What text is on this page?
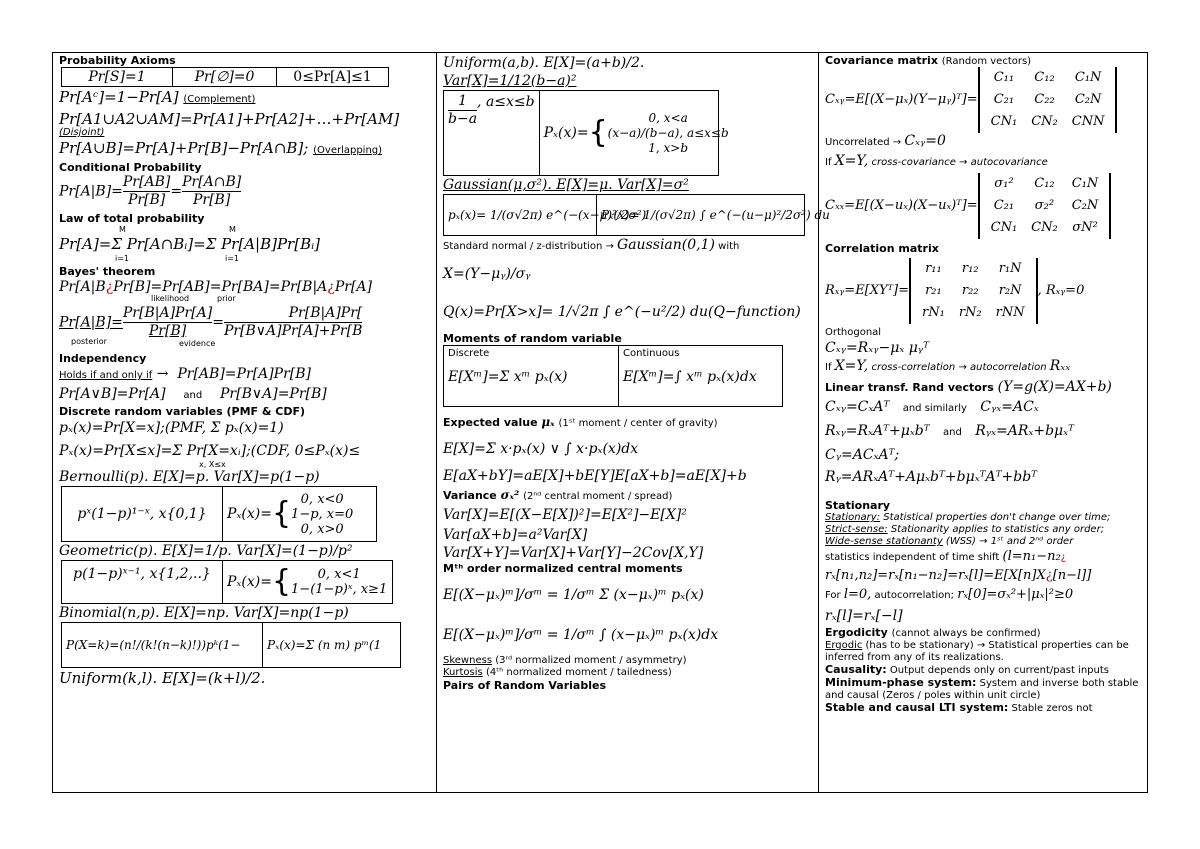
Probability Axioms
Pr[S]=1	Pr[∅]=0	0≤Pr[A]≤1
Pr[Aᶜ]=1−Pr[A] (Complement)
Pr[A1∪A2∪AM]=Pr[A1]+Pr[A2]+…+Pr[AM]
(Disjoint)
Pr[A∪B]=Pr[A]+Pr[B]−Pr[A∩B]; (Overlapping)
Conditional Probability
$Pr[A|B]= \frac{Pr[AB]}{Pr[B]} = \frac{Pr[A\cap B]}{Pr[B]}$
Law of total probability
M	M
Pr[A]=Σ Pr[A∩Bᵢ]=Σ Pr[A|B]Pr[Bᵢ]
i=1	i=1
Bayes' theorem
Pr[A|B¿Pr[B]=Pr[AB]=Pr[BA]=Pr[B|A¿Pr[A]
likelihood	prior
$Pr[A|B]= \frac{Pr[B|A]Pr[A]}{Pr[B]} = \frac{Pr[B|A]Pr[}{Pr[B\vee A]Pr[A]+Pr[B}$
posterior	evidence
Independency
Holds if and only if → Pr[AB]=Pr[A]Pr[B]
Pr[A∨B]=Pr[A] and Pr[B∨A]=Pr[B]
Discrete random variables (PMF & CDF)
pₓ(x)=Pr[X=x];(PMF, Σ pₓ(x)=1)
Pₓ(x)=Pr[X≤x]=Σ Pr[X=xᵢ];(CDF, 0≤Pₓ(x)≤
x, X≤x
Bernoulli(p). E[X]=p. Var[X]=p(1−p)
pˣ(1−p)¹⁻ˣ, x{0,1}	Pₓ(x)= { 0, x<0
1−p, x=0
0, x>0
Geometric(p). E[X]=1/p. Var[X]=(1−p)/p²
p(1−p)ˣ⁻¹, x{1,2,..}	Pₓ(x)= {	0, x<1
1−(1−p)ˣ, x≥1
Binomial(n,p). E[X]=np. Var[X]=np(1−p)
P(X=k)=(n!/(k!(n−k)!))pᵏ(1−	Pₓ(x)=Σ (n m) pᵐ(1
Uniform(k,l). E[X]=(k+l)/2.
Uniform(a,b). E[X]=(a+b)/2.
Var[X]=1/12(b−a)²
$\frac{1}{b-a}$ , a≤x≤b
Pₓ(x)= {	0, x<a
(x−a)/(b−a), a≤x≤b
1, x>b
Gaussian(μ,σ²). E[X]=μ. Var[X]=σ²
pₓ(x)= 1/(σ√2π) e^(−(x−μ)²/2σ²)
Pₓ(x)= 1/(σ√2π) ∫ e^(−(u−μ)²/2σ²) du
Standard normal / z-distribution → Gaussian(0,1) with
X=(Y−μᵧ)/σᵧ
Q(x)=Pr[X>x]= 1/√2π ∫ e^(−u²/2) du(Q−function)
Moments of random variable
Discrete
E[Xᵐ]=Σ xᵐ pₓ(x)
Continuous
E[Xᵐ]=∫ xᵐ pₓ(x)dx
Expected value μₓ (1ˢᵗ moment / center of gravity)
E[X]=Σ x·pₓ(x) ∨ ∫ x·pₓ(x)dx
E[aX+bY]=aE[X]+bE[Y]E[aX+b]=aE[X]+b
Variance σₓ² (2ⁿᵈ central moment / spread)
Var[X]=E[(X−E[X])²]=E[X²]−E[X]²
Var[aX+b]=a²Var[X]
Var[X+Y]=Var[X]+Var[Y]−2Cov[X,Y]
Mᵗʰ order normalized central moments
E[(X−μₓ)ᵐ]/σᵐ = 1/σᵐ Σ (x−μₓ)ᵐ pₓ(x)
E[(X−μₓ)ᵐ]/σᵐ = 1/σᵐ ∫ (x−μₓ)ᵐ pₓ(x)dx
Skewness (3ʳᵈ normalized moment / asymmetry)
Kurtosis (4ᵗʰ normalized moment / tailedness)
Pairs of Random Variables
Covariance matrix (Random vectors)
Cₓᵧ=E[(X−μₓ)(Y−μᵧ)ᵀ]=
C₁₁	C₁₂	C₁N
C₂₁	C₂₂	C₂N
CN₁	CN₂	CNN
Uncorrelated → Cₓᵧ=0
If X=Y, cross-covariance → autocovariance
Cₓₓ=E[(X−uₓ)(X−uₓ)ᵀ]=
σ₁²	C₁₂	C₁N
C₂₁	σ₂²	C₂N
CN₁	CN₂	σN²
Correlation matrix
Rₓᵧ=E[XYᵀ]=
r₁₁	r₁₂	r₁N
r₂₁	r₂₂	r₂N
rN₁	rN₂	rNN
, Rₓᵧ=0
Orthogonal
Cₓᵧ=Rₓᵧ−μₓ μᵧᵀ
If X=Y, cross-correlation → autocorrelation Rₓₓ
Linear transf. Rand vectors (Y=g(X)=AX+b)
Cₓᵧ=CₓAᵀ and similarly Cᵧₓ=ACₓ
Rₓᵧ=RₓAᵀ+μₓbᵀ and Rᵧₓ=ARₓ+bμₓᵀ
Cᵧ=ACₓAᵀ;
Rᵧ=ARₓAᵀ+Aμₓbᵀ+bμₓᵀAᵀ+bbᵀ
Stationary
Stationary: Statistical properties don't change over time;
Strict-sense: Stationarity applies to statistics any order;
Wide-sense stationanty (WSS) → 1ˢᵗ and 2ⁿᵈ order
statistics independent of time shift (l=n₁−n₂¿
rₓ[n₁,n₂]=rₓ[n₁−n₂]=rₓ[l]=E[X[n]X¿[n−l]]
For l=0, autocorrelation; rₓ[0]=σₓ²+|μₓ|²≥0
rₓ[l]=rₓ[−l]
Ergodicity (cannot always be confirmed)
Ergodic (has to be stationary) → Statistical properties can be inferred from any of its realizations.
Causality: Output depends only on current/past inputs
Minimum-phase system: System and inverse both stable and causal (Zeros / poles within unit circle)
Stable and causal LTI system: Stable zeros not
